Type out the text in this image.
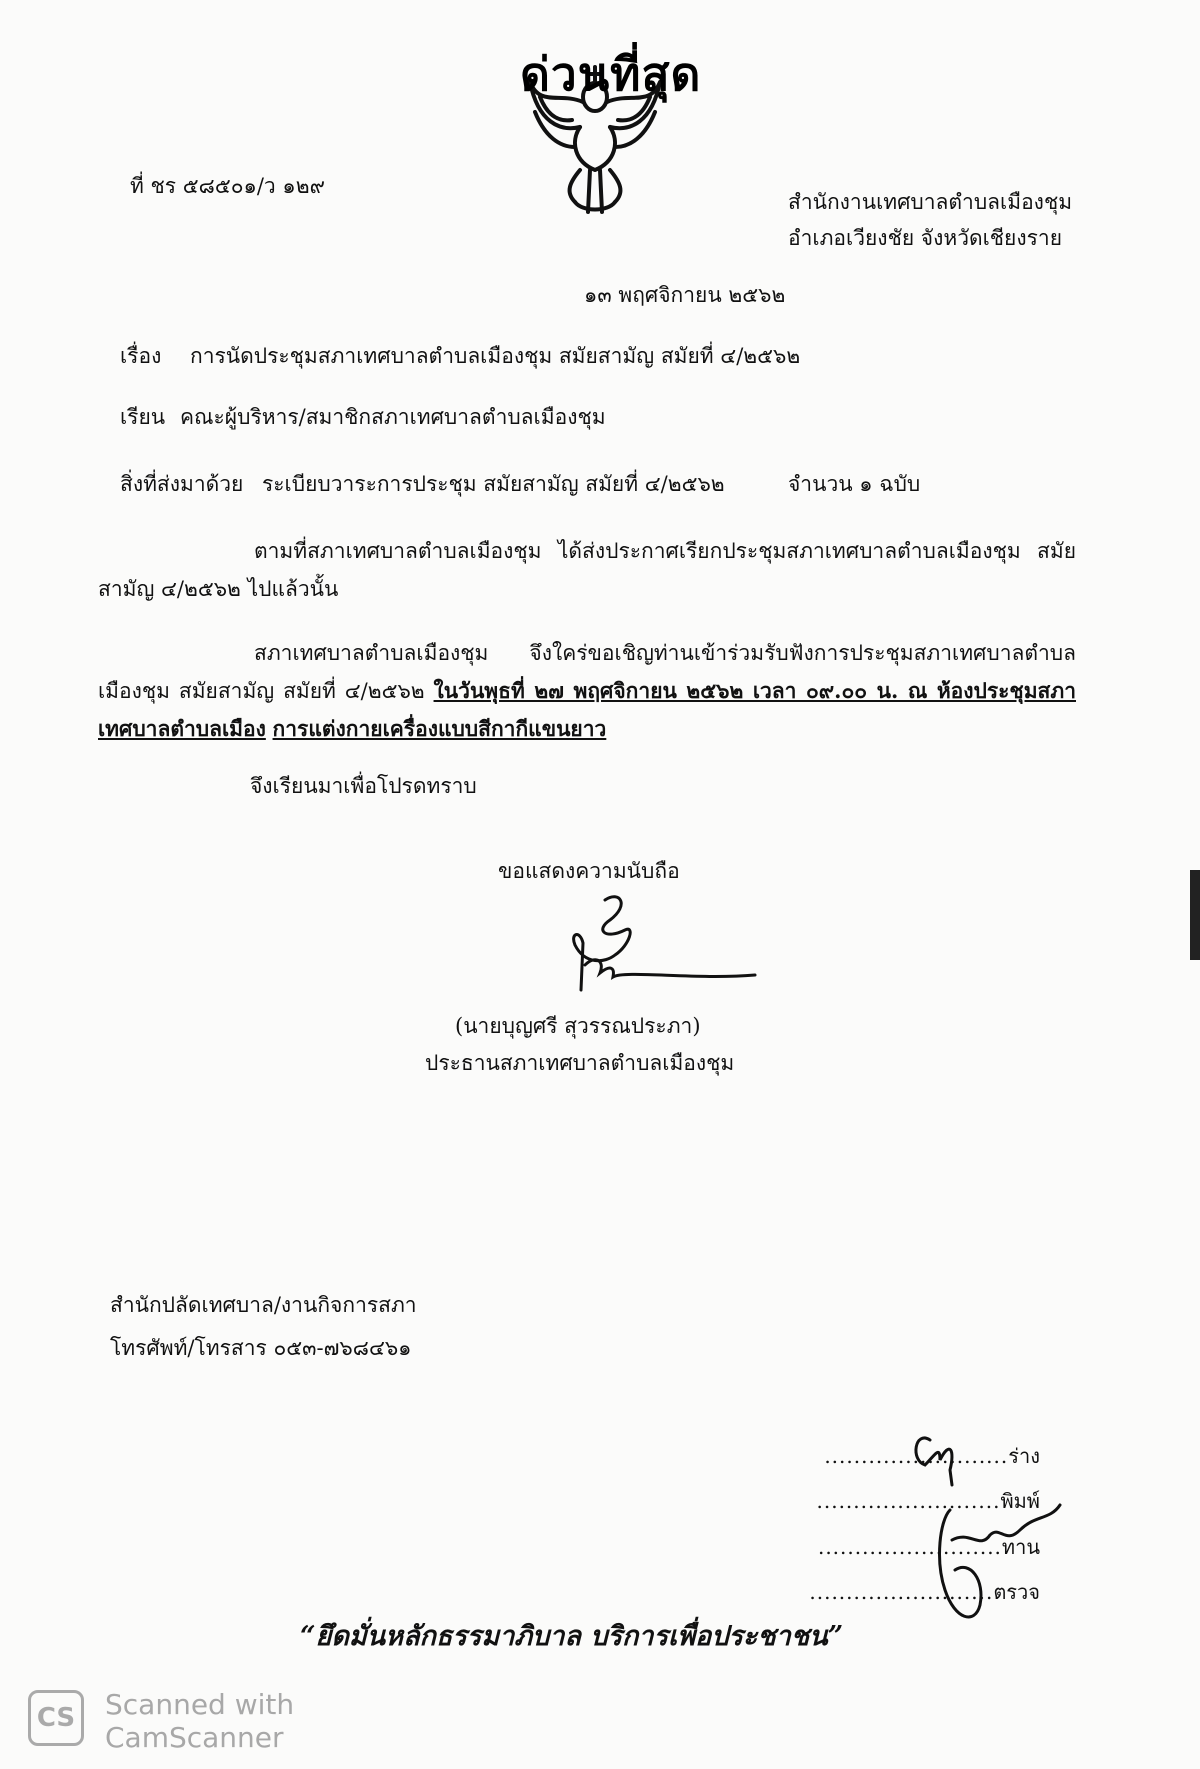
ด่วนที่สุด
ที่ ชร ๕๘๕๐๑/ว ๑๒๙
สำนักงานเทศบาลตำบลเมืองชุม
อำเภอเวียงชัย จังหวัดเชียงราย
๑๓ พฤศจิกายน ๒๕๖๒
เรื่อง การนัดประชุมสภาเทศบาลตำบลเมืองชุม สมัยสามัญ สมัยที่ ๔/๒๕๖๒
เรียน คณะผู้บริหาร/สมาชิกสภาเทศบาลตำบลเมืองชุม
สิ่งที่ส่งมาด้วย ระเบียบวาระการประชุม สมัยสามัญ สมัยที่ ๔/๒๕๖๒	จำนวน ๑ ฉบับ
ตามที่สภาเทศบาลตำบลเมืองชุม ได้ส่งประกาศเรียกประชุมสภาเทศบาลตำบลเมืองชุม สมัยสามัญ ๔/๒๕๖๒ ไปแล้วนั้น
สภาเทศบาลตำบลเมืองชุม จึงใคร่ขอเชิญท่านเข้าร่วมรับฟังการประชุมสภาเทศบาลตำบลเมืองชุม สมัยสามัญ สมัยที่ ๔/๒๕๖๒ ในวันพุธที่ ๒๗ พฤศจิกายน ๒๕๖๒ เวลา ๐๙.๐๐ น. ณ ห้องประชุมสภาเทศบาลตำบลเมือง การแต่งกายเครื่องแบบสีกากีแขนยาว
จึงเรียนมาเพื่อโปรดทราบ
ขอแสดงความนับถือ
(นายบุญศรี สุวรรณประภา)
ประธานสภาเทศบาลตำบลเมืองชุม
สำนักปลัดเทศบาล/งานกิจการสภา
โทรศัพท์/โทรสาร ๐๕๓-๗๖๘๔๖๑
.........................ร่าง
.........................พิมพ์
.........................ทาน
.........................ตรวจ
“ยึดมั่นหลักธรรมาภิบาล บริการเพื่อประชาชน”
CS	Scanned with
CamScanner
